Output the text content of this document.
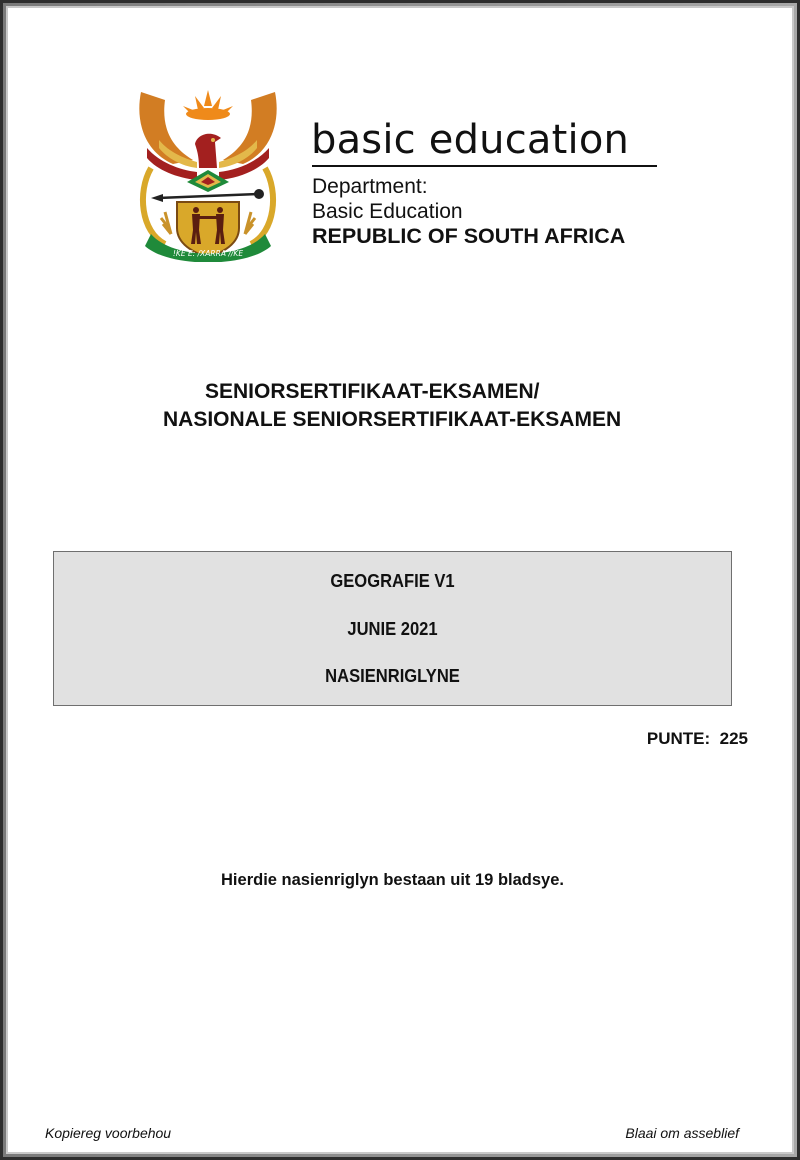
!KE E: /XARRA //KE
basic education
Department:
Basic Education
REPUBLIC OF SOUTH AFRICA
SENIORSERTIFIKAAT-EKSAMEN/
NASIONALE SENIORSERTIFIKAAT-EKSAMEN
GEOGRAFIE V1
JUNIE 2021
NASIENRIGLYNE
PUNTE:  225
Hierdie nasienriglyn bestaan uit 19 bladsye.
Kopiereg voorbehou	Blaai om asseblief
